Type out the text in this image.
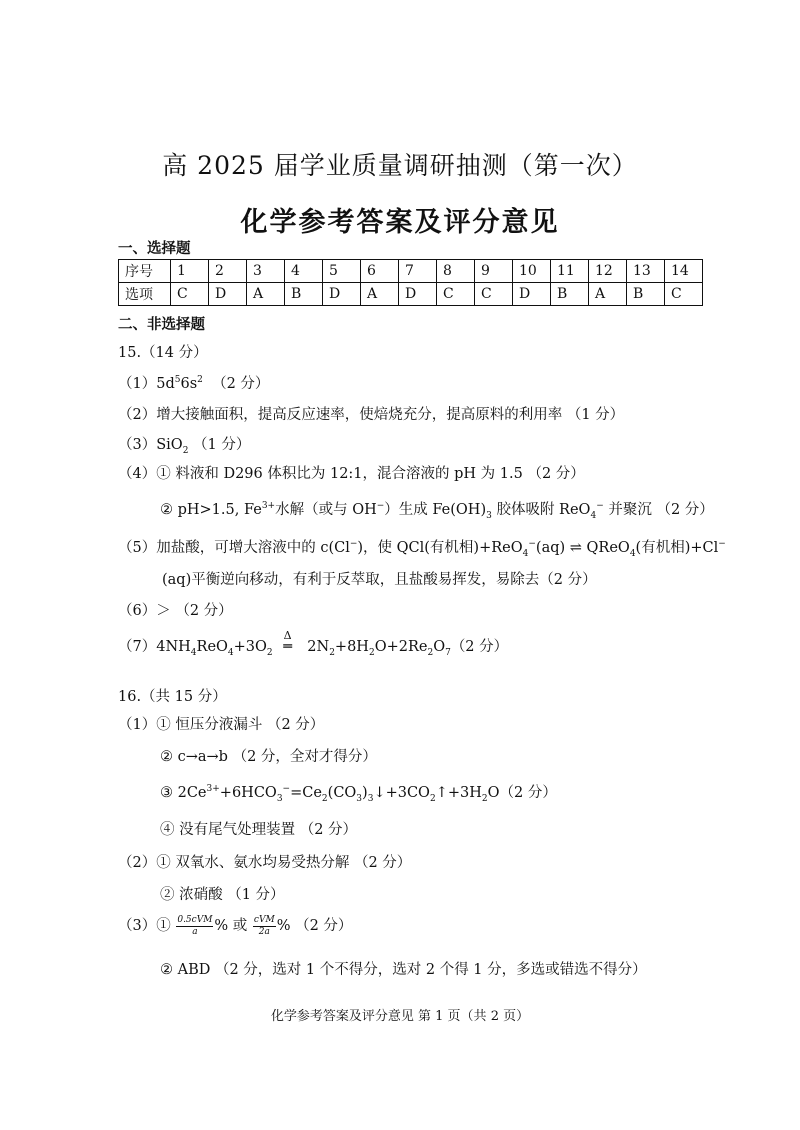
高 2025 届学业质量调研抽测（第一次）
化学参考答案及评分意见
一、选择题
序号	1	2	3	4	5	6	7	8	9	10	11	12	13	14
选项	C	D	A	B	D	A	D	C	C	D	B	A	B	C
二、非选择题
15.（14 分）
$(1)5d^56s^2$ （2 分）
（2）增大接触面积，提高反应速率，使焙烧充分，提高原料的利用率 （1 分）
（3）SiO$_2$ （1 分）
（4）① 料液和 D296 体积比为 12:1，混合溶液的 pH 为 1.5 （2 分）
② pH>1.5, $Fe^{3+}$水解（或与 OH−）生成 $Fe(OH)_3$ 胶体吸附 ReO$_4$− 并聚沉 （2 分）
（5）加盐酸，可增大溶液中的 c(Cl−)，使 QCl(有机相)+ReO$_4$−(aq) ⇌ QReO$_4$(有机相)+Cl−
(aq)平衡逆向移动，有利于反萃取，且盐酸易挥发，易除去（2 分）
（6）＞ （2 分）
$(7)4NH_4ReO_4+3O_2$
Δ
═ $2N_2+8H_2O+2Re_2O_7(2$ 分）
16.（共 15 分）
（1）① 恒压分液漏斗 （2 分）
② c→a→b （2 分，全对才得分）
③ $2Ce^{3+}+6HCO_3^-=Ce_2(CO_3)_3↓+3CO_2↑+3H_2O(2$ 分）
④ 没有尾气处理装置 （2 分）
（2）① 双氧水、氨水均易受热分解 （2 分）
② 浓硝酸 （1 分）
（3）① $\frac{\text{0.5cVM}}{a}$ % 或 $\frac{\text{cVM}}{2a}$ % （2 分）
② ABD （2 分，选对 1 个不得分，选对 2 个得 1 分，多选或错选不得分）
化学参考答案及评分意见 第 1 页（共 2 页）
